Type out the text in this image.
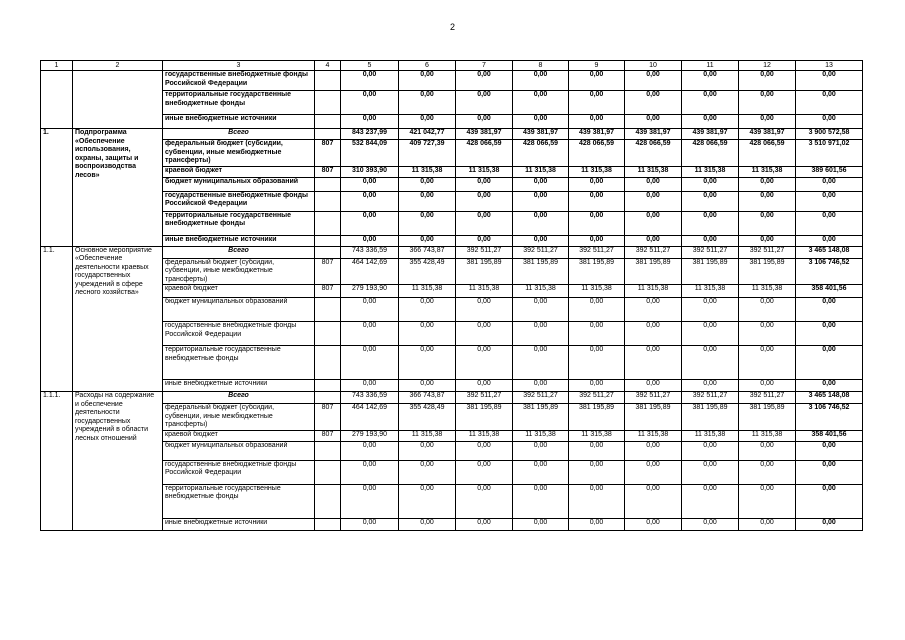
2
1	2	3	4	5	6	7	8	9	10	11	12	13
		государственные внебюджетные фонды Российской Федерации		0,00	0,00	0,00	0,00	0,00	0,00	0,00	0,00	0,00
		территориальные государственные внебюджетные фонды		0,00	0,00	0,00	0,00	0,00	0,00	0,00	0,00	0,00
		иные внебюджетные источники		0,00	0,00	0,00	0,00	0,00	0,00	0,00	0,00	0,00
1.	Подпрограмма «Обеспечение использования, охраны, защиты и воспроизводства лесов»	Всего		843 237,99	421 042,77	439 381,97	439 381,97	439 381,97	439 381,97	439 381,97	439 381,97	3 900 572,58
		федеральный бюджет (субсидии, субвенции, иные межбюджетные трансферты)	807	532 844,09	409 727,39	428 066,59	428 066,59	428 066,59	428 066,59	428 066,59	428 066,59	3 510 971,02
		краевой бюджет	807	310 393,90	11 315,38	11 315,38	11 315,38	11 315,38	11 315,38	11 315,38	11 315,38	389 601,56
		бюджет муниципальных образований		0,00	0,00	0,00	0,00	0,00	0,00	0,00	0,00	0,00
		государственные внебюджетные фонды Российской Федерации		0,00	0,00	0,00	0,00	0,00	0,00	0,00	0,00	0,00
		территориальные государственные внебюджетные фонды		0,00	0,00	0,00	0,00	0,00	0,00	0,00	0,00	0,00
		иные внебюджетные источники		0,00	0,00	0,00	0,00	0,00	0,00	0,00	0,00	0,00
1.1.	Основное мероприятие «Обеспечение деятельности краевых государственных учреждений в сфере лесного хозяйства»	Всего		743 336,59	366 743,87	392 511,27	392 511,27	392 511,27	392 511,27	392 511,27	392 511,27	3 465 148,08
		федеральный бюджет (субсидии, субвенции, иные межбюджетные трансферты)	807	464 142,69	355 428,49	381 195,89	381 195,89	381 195,89	381 195,89	381 195,89	381 195,89	3 106 746,52
		краевой бюджет	807	279 193,90	11 315,38	11 315,38	11 315,38	11 315,38	11 315,38	11 315,38	11 315,38	358 401,56
		бюджет муниципальных образований		0,00	0,00	0,00	0,00	0,00	0,00	0,00	0,00	0,00
		государственные внебюджетные фонды Российской Федерации		0,00	0,00	0,00	0,00	0,00	0,00	0,00	0,00	0,00
		территориальные государственные внебюджетные фонды		0,00	0,00	0,00	0,00	0,00	0,00	0,00	0,00	0,00
		иные внебюджетные источники		0,00	0,00	0,00	0,00	0,00	0,00	0,00	0,00	0,00
1.1.1.	Расходы на содержание и обеспечение деятельности государственных учреждений в области лесных отношений	Всего		743 336,59	366 743,87	392 511,27	392 511,27	392 511,27	392 511,27	392 511,27	392 511,27	3 465 148,08
		федеральный бюджет (субсидии, субвенции, иные межбюджетные трансферты)	807	464 142,69	355 428,49	381 195,89	381 195,89	381 195,89	381 195,89	381 195,89	381 195,89	3 106 746,52
		краевой бюджет	807	279 193,90	11 315,38	11 315,38	11 315,38	11 315,38	11 315,38	11 315,38	11 315,38	358 401,56
		бюджет муниципальных образований		0,00	0,00	0,00	0,00	0,00	0,00	0,00	0,00	0,00
		государственные внебюджетные фонды Российской Федерации		0,00	0,00	0,00	0,00	0,00	0,00	0,00	0,00	0,00
		территориальные государственные внебюджетные фонды		0,00	0,00	0,00	0,00	0,00	0,00	0,00	0,00	0,00
		иные внебюджетные источники		0,00	0,00	0,00	0,00	0,00	0,00	0,00	0,00	0,00
